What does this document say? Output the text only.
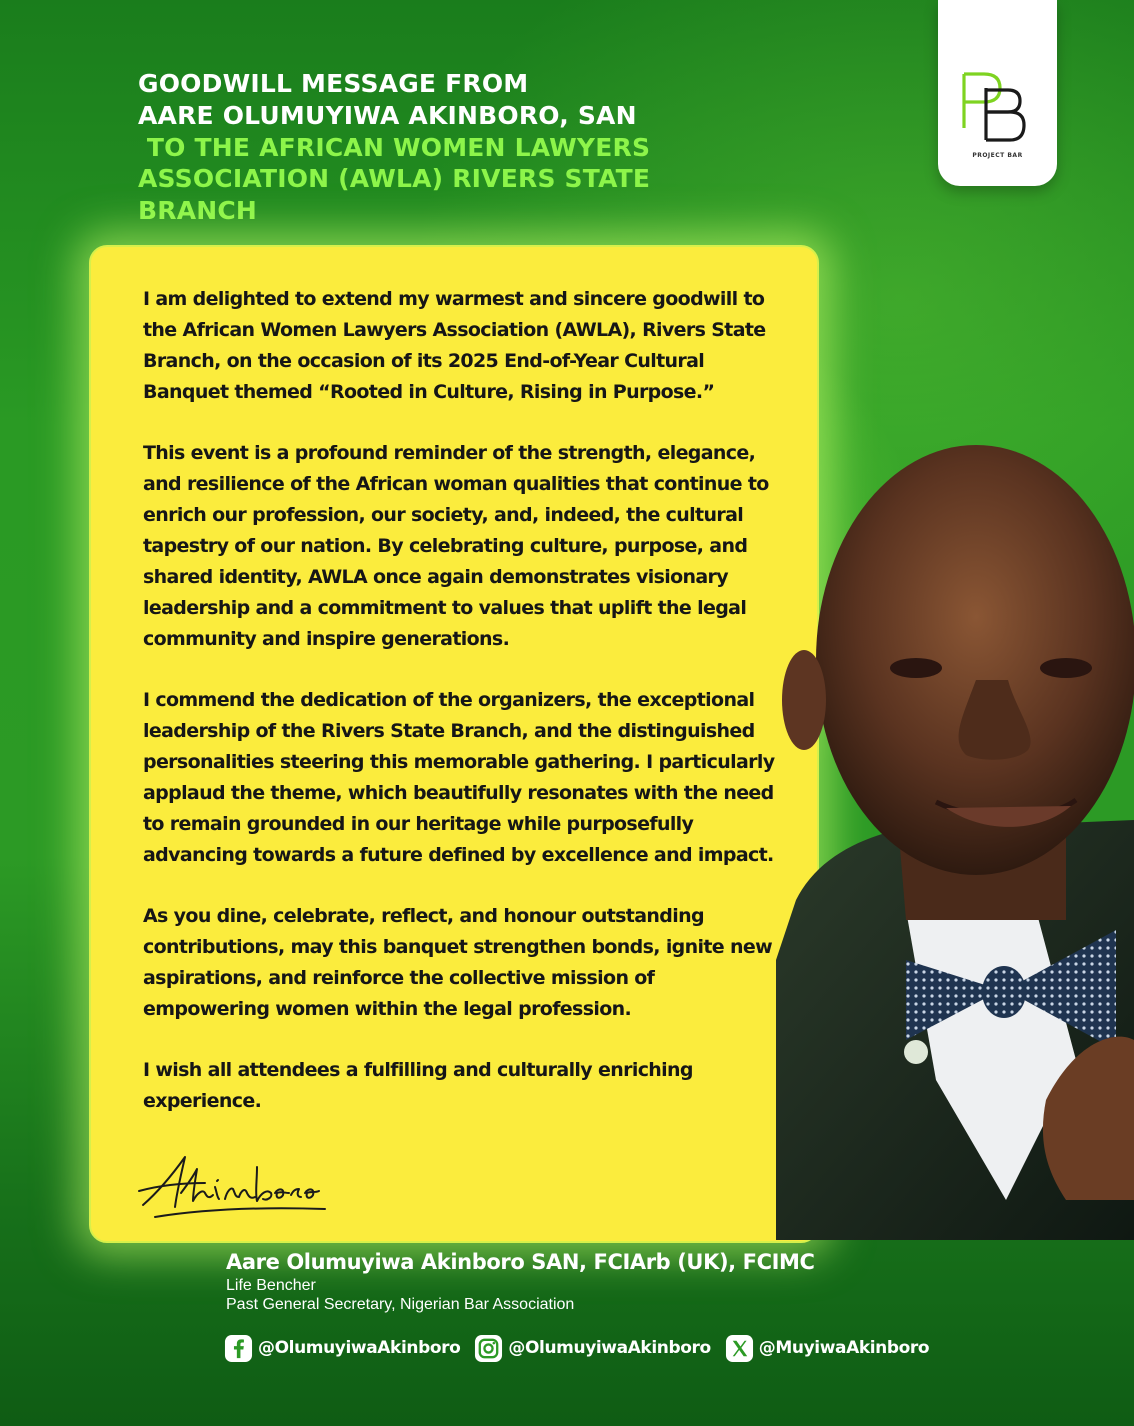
GOODWILL MESSAGE FROM
AARE OLUMUYIWA AKINBORO, SAN
TO THE AFRICAN WOMEN LAWYERS
ASSOCIATION (AWLA) RIVERS STATE
BRANCH
PROJECT BAR

I am delighted to extend my warmest and sincere goodwill to the African Women Lawyers Association (AWLA), Rivers State Branch, on the occasion of its 2025 End-of-Year Cultural Banquet themed “Rooted in Culture, Rising in Purpose.”

This event is a profound reminder of the strength, elegance, and resilience of the African woman qualities that continue to enrich our profession, our society, and, indeed, the cultural tapestry of our nation. By celebrating culture, purpose, and shared identity, AWLA once again demonstrates visionary leadership and a commitment to values that uplift the legal community and inspire generations.

I commend the dedication of the organizers, the exceptional leadership of the Rivers State Branch, and the distinguished personalities steering this memorable gathering. I particularly applaud the theme, which beautifully resonates with the need to remain grounded in our heritage while purposefully advancing towards a future defined by excellence and impact.

As you dine, celebrate, reflect, and honour outstanding contributions, may this banquet strengthen bonds, ignite new aspirations, and reinforce the collective mission of empowering women within the legal profession.

I wish all attendees a fulfilling and culturally enriching experience.

Aare Olumuyiwa Akinboro SAN, FCIArb (UK), FCIMC
Life Bencher
Past General Secretary, Nigerian Bar Association
@OlumuyiwaAkinboro	@OlumuyiwaAkinboro	@MuyiwaAkinboro
